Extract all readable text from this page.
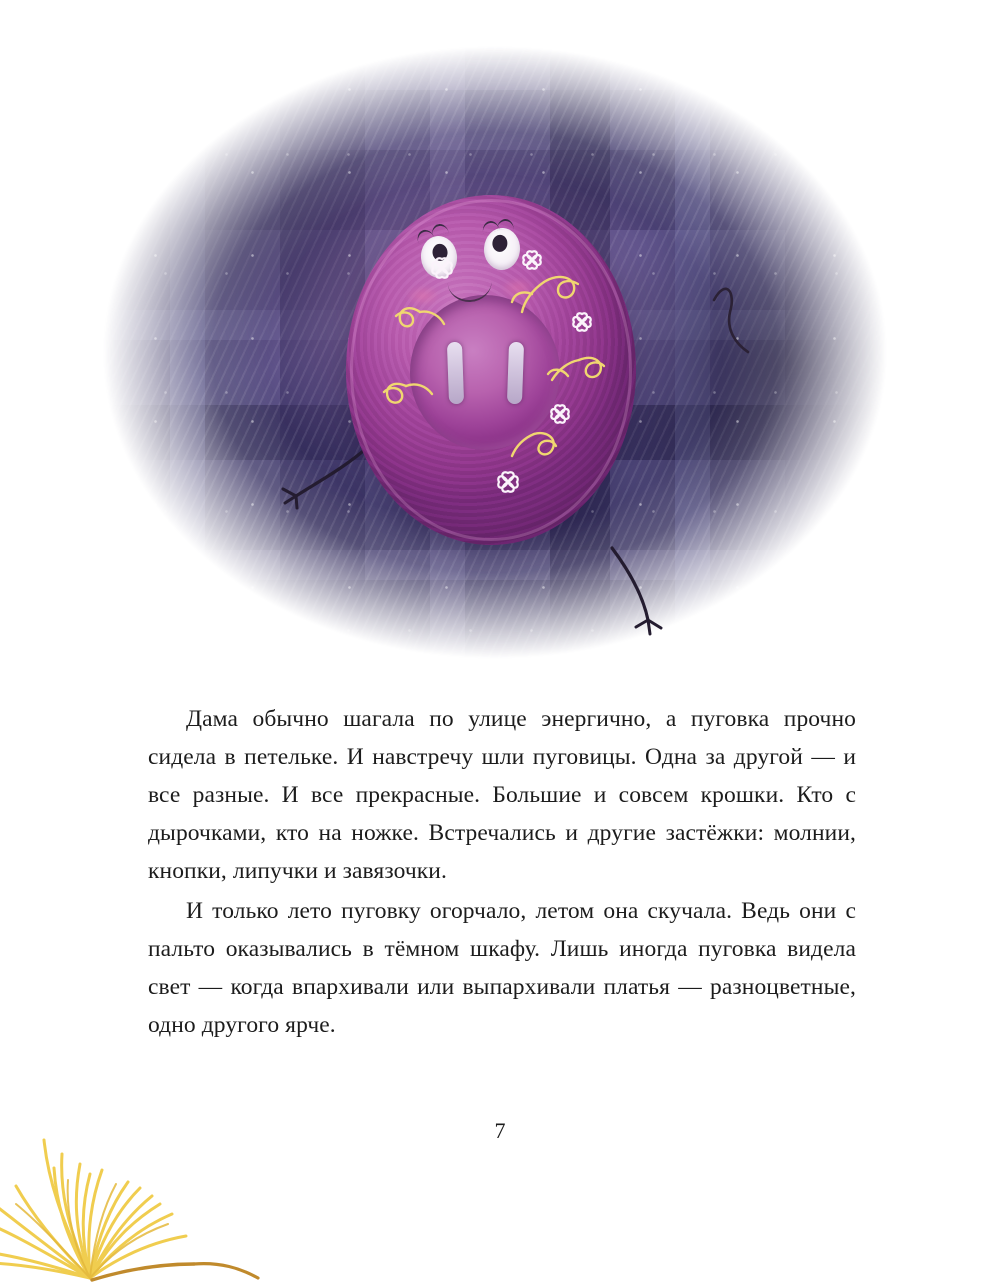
Дама обычно шагала по улице энергично, а пуговка прочно сидела в петельке. И навстречу шли пуговицы. Одна за другой — и все разные. И все прекрасные. Большие и совсем крошки. Кто с дырочками, кто на ножке. Встречались и другие застёжки: молнии, кнопки, липучки и завязочки.

И только лето пуговку огорчало, летом она скучала. Ведь они с пальто оказывались в тёмном шкафу. Лишь иногда пуговка видела свет — когда впархивали или выпархивали платья — разноцветные, одно другого ярче.

7
